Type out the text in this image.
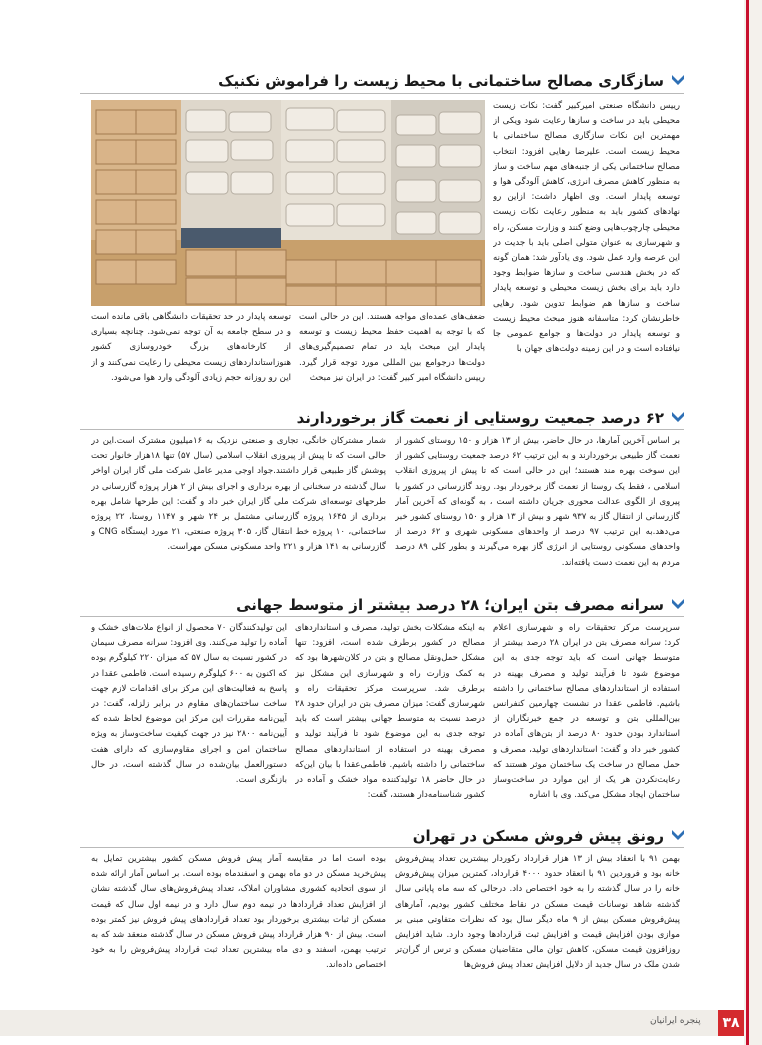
سازگاری مصالح ساختمانی با محیط زیست را فراموش نکنیک
رییس دانشگاه صنعتی امیرکبیر گفت: نکات زیست محیطی باید در ساخت و سازها رعایت شود ویکی از مهمترین این نکات سازگاری مصالح ساختمانی با محیط زیست است. علیرضا رهایی افزود: انتخاب مصالح ساختمانی یکی از جنبه‌های مهم ساخت و ساز به منظور کاهش مصرف انرژی، کاهش آلودگی هوا و توسعه پایدار است. وی اظهار داشت: ازاین رو نهادهای کشور باید به منظور رعایت نکات زیست محیطی چارچوب‌هایی وضع کنند و وزارت مسکن، راه و شهرسازی به عنوان متولی اصلی باید با جدیت در این عرصه وارد عمل شود. وی یادآور شد: همان گونه که در بخش هندسی ساخت و سازها ضوابط وجود دارد باید برای بخش زیست محیطی و توسعه پایدار ساخت و سازها هم ضوابط تدوین شود. رهایی خاطرنشان کرد: متاسفانه هنوز مبحث محیط زیست و توسعه پایدار در دولت‌ها و جوامع عمومی جا نیافتاده است و در این زمینه دولت‌های جهان با
ضعف‌های عمده‌ای مواجه هستند. این در حالی است که با توجه به اهمیت حفظ محیط زیست و توسعه پایدار این مبحث باید در تمام تصمیم‌گیری‌های دولت‌ها درجوامع بین المللی مورد توجه قرار گیرد. رییس دانشگاه امیر کبیر گفت: در ایران نیز مبحث
توسعه پایدار در حد تحقیقات دانشگاهی باقی مانده است و در سطح جامعه به آن توجه نمی‌شود. چنانچه بسیاری از کارخانه‌های بزرگ خودروسازی کشور هنوزاستانداردهای زیست محیطی را رعایت نمی‌کنند و از این رو روزانه حجم زیادی آلودگی وارد هوا می‌شود.
۶۲ درصد جمعیت روستایی از نعمت گاز برخوردارند
بر اساس آخرین آمارها، در حال حاضر، بیش از ۱۳ هزار و ۱۵۰ روستای کشور از نعمت گاز طبیعی برخوردارند و به این ترتیب ۶۲ درصد جمعیت روستایی کشور از این سوخت بهره مند هستند؛ این در حالی است که تا پیش از پیروزی انقلاب اسلامی ، فقط یک روستا از نعمت گاز برخوردار بود. روند گازرسانی در کشور با پیروی از الگوی عدالت محوری جریان داشته است ، به گونه‌ای که آخرین آمار گازرسانی از انتقال گاز به ۹۳۷ شهر و بیش از ۱۳ هزار و ۱۵۰ روستای کشور خبر می‌دهد.به این ترتیب ۹۷ درصد از واحدهای مسکونی شهری و ۶۲ درصد از واحدهای مسکونی روستایی از انرژی گاز بهره می‌گیرند و بطور کلی ۸۹ درصد مردم به این نعمت دست یافته‌اند.
شمار مشترکان خانگی، تجاری و صنعتی نزدیک به ۱۶میلیون مشترک است.این در حالی است که تا پیش از پیروزی انقلاب اسلامی (سال ۵۷) تنها ۱۸هزار خانوار تحت پوشش گاز طبیعی قرار داشتند.جواد اوجی مدیر عامل شرکت ملی گاز ایران اواخر سال گذشته در سخنانی از بهره برداری و اجرای بیش از ۲ هزار پروژه گازرسانی در طرحهای توسعه‌ای شرکت ملی گاز ایران خبر داد و گفت: این طرحها شامل بهره برداری از ۱۶۴۵ پروژه گازرسانی مشتمل بر ۲۴ شهر و ۱۱۴۷ روستا، ۲۲ پروژه ساختمانی، ۱۰ پروژه خط انتقال گاز، ۳۰۵ پروژه صنعتی، ۲۱ مورد ایستگاه CNG و گازرسانی به ۱۴۱ هزار و ۲۲۱ واحد مسکونی مسکن مهراست.
سرانه مصرف بتن ایران؛ ۲۸ درصد بیشتر از متوسط جهانی
سرپرست مرکز تحقیقات راه و شهرسازی اعلام کرد: سرانه مصرف بتن در ایران ۲۸ درصد بیشتر از متوسط جهانی است که باید توجه جدی به این موضوع شود تا فرآیند تولید و مصرف بهینه در استفاده از استانداردهای مصالح ساختمانی را داشته باشیم. فاطمی عقدا در نشست چهارمین کنفرانس بین‌المللی بتن و توسعه در جمع خبرنگاران از استاندارد بودن حدود ۸۰ درصد از بتن‌های آماده در کشور خبر داد و گفت: استانداردهای تولید، مصرف و حمل مصالح در ساخت یک ساختمان موثر هستند که رعایت‌نکردن هر یک از این موارد در ساخت‌وساز ساختمان ایجاد مشکل می‌کند. وی با اشاره
به اینکه مشکلات بخش تولید، مصرف و استانداردهای مصالح در کشور برطرف شده است، افزود: تنها مشکل حمل‌ونقل مصالح و بتن در کلان‌شهرها بود که به کمک وزارت راه و شهرسازی این مشکل نیز برطرف شد. سرپرست مرکز تحقیقات راه و شهرسازی گفت: میزان مصرف بتن در ایران حدود ۲۸ درصد نسبت به متوسط جهانی بیشتر است که باید توجه جدی به این موضوع شود تا فرآیند تولید و مصرف بهینه در استفاده از استانداردهای مصالح ساختمانی را داشته باشیم. فاطمی‌عقدا با بیان این‌که در حال حاضر ۱۸ تولیدکننده مواد خشک و آماده در کشور شناسنامه‌دار هستند، گفت:
این تولیدکنندگان ۷۰ محصول از انواع ملات‌های خشک و آماده را تولید می‌کنند. وی افزود: سرانه مصرف سیمان در کشور نسبت به سال ۵۷ که میزان ۲۲۰ کیلوگرم بوده که اکنون به ۶۰۰ کیلوگرم رسیده است. فاطمی عقدا در پاسخ به فعالیت‌های این مرکز برای اقدامات لازم جهت ساخت ساختمان‌های مقاوم در برابر زلزله، گفت: در آیین‌نامه مقررات این مرکز این موضوع لحاظ شده که آیین‌نامه ۲۸۰۰ نیز در جهت کیفیت ساخت‌وساز به ویژه ساختمان امن و اجرای مقاوم‌سازی که دارای هفت دستورالعمل بیان‌شده در سال گذشته است، در حال بازنگری است.
رونق پیش فروش مسکن در تهران
بهمن ۹۱ با انعقاد بیش از ۱۳ هزار قرارداد رکوردار بیشترین تعداد پیش‌فروش خانه بود و فروردین ۹۱ با انعقاد حدود ۴۰۰۰ قرارداد، کمترین میزان پیش‌فروش خانه را در سال گذشته را به خود اختصاص داد. درحالی که سه ماه پایانی سال گذشته شاهد نوسانات قیمت مسکن در نقاط مختلف کشور بودیم، آمارهای پیش‌فروش مسکن بیش از ۹ ماه دیگر سال بود که نظرات متفاوتی مبنی بر موازی بودن افزایش قیمت و افزایش ثبت قراردادها وجود دارد. شاید افزایش روزافزون قیمت مسکن، کاهش توان مالی متقاضیان مسکن و ترس از گران‌تر شدن ملک در سال جدید از دلایل افزایش تعداد پیش فروش‌ها
بوده است اما در مقایسه آمار پیش فروش مسکن کشور بیشترین تمایل به پیش‌خرید مسکن در دو ماه بهمن و اسفندماه بوده است. بر اساس آمار ارائه شده از سوی اتحادیه کشوری مشاوران املاک، تعداد پیش‌فروش‌های سال گذشته نشان از افزایش تعداد قراردادها در نیمه دوم سال دارد و در نیمه اول سال که قیمت مسکن از ثبات بیشتری برخوردار بود تعداد قراردادهای پیش فروش نیز کمتر بوده است. بیش از ۹۰ هزار قرارداد پیش فروش مسکن در سال گذشته منعقد شد که به ترتیب بهمن، اسفند و دی ماه بیشترین تعداد ثبت قرارداد پیش‌فروش را به خود اختصاص داده‌اند.
۳۸
پنجره ایرانیان
